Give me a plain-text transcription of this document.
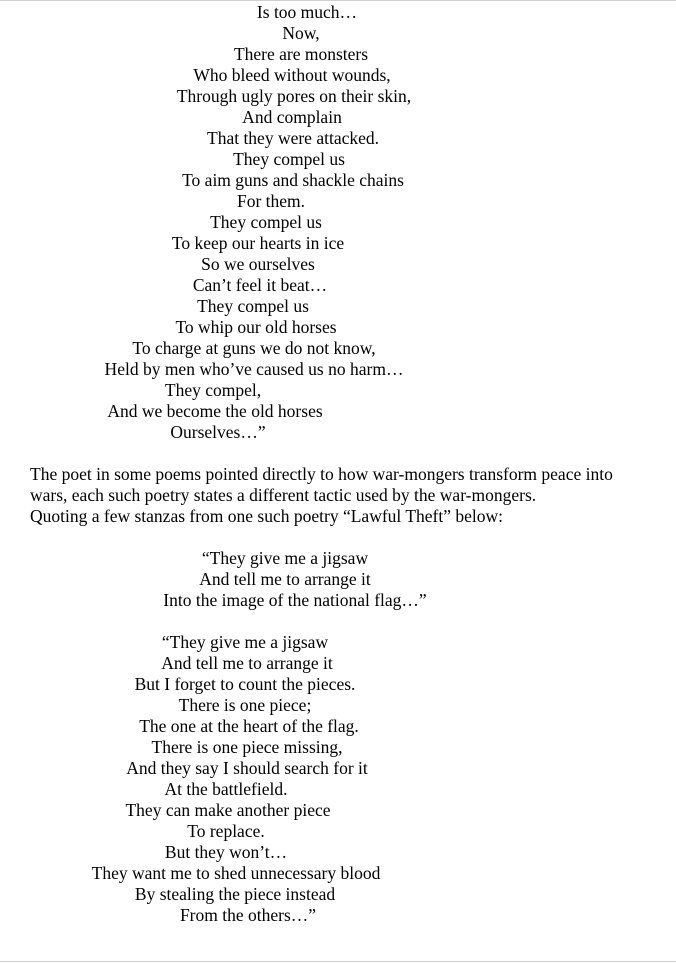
Is too much…
Now,
There are monsters
Who bleed without wounds,
Through ugly pores on their skin,
And complain
That they were attacked.
They compel us
To aim guns and shackle chains
For them.
They compel us
To keep our hearts in ice
So we ourselves
Can’t feel it beat…
They compel us
To whip our old horses
To charge at guns we do not know,
Held by men who’ve caused us no harm…
They compel,
And we become the old horses
Ourselves…”
The poet in some poems pointed directly to how war-mongers transform peace into
wars, each such poetry states a different tactic used by the war-mongers.
Quoting a few stanzas from one such poetry “Lawful Theft” below:
“They give me a jigsaw
And tell me to arrange it
Into the image of the national flag…”
“They give me a jigsaw
And tell me to arrange it
But I forget to count the pieces.
There is one piece;
The one at the heart of the flag.
There is one piece missing,
And they say I should search for it
At the battlefield.
They can make another piece
To replace.
But they won’t…
They want me to shed unnecessary blood
By stealing the piece instead
From the others…”
